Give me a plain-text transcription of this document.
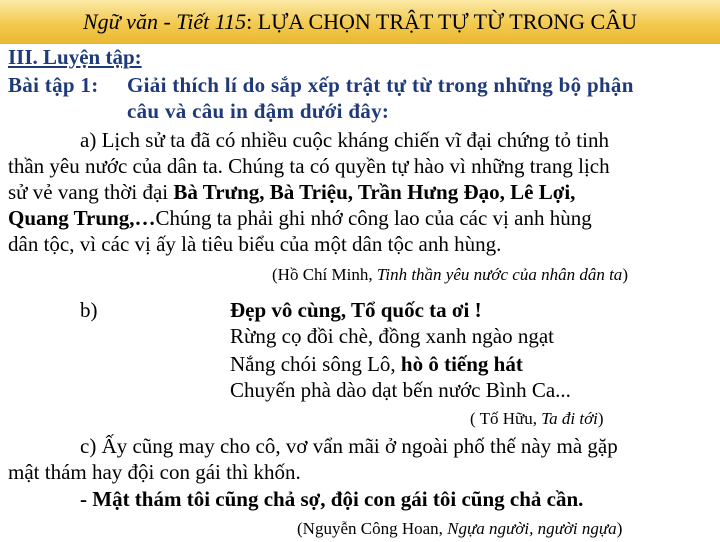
Ngữ văn - Tiết 115: LỰA CHỌN TRẬT TỰ TỪ TRONG CÂU
III. Luyện tập:
Bài tập 1: Giải thích lí do sắp xếp trật tự từ trong những bộ phận
câu và câu in đậm dưới đây:
a) Lịch sử ta đã có nhiều cuộc kháng chiến vĩ đại chứng tỏ tinh
thần yêu nước của dân ta. Chúng ta có quyền tự hào vì những trang lịch
sử vẻ vang thời đại Bà Trưng, Bà Triệu, Trần Hưng Đạo, Lê Lợi,
Quang Trung,…Chúng ta phải ghi nhớ công lao của các vị anh hùng
dân tộc, vì các vị ấy là tiêu biểu của một dân tộc anh hùng.
(Hồ Chí Minh, Tinh thần yêu nước của nhân dân ta)
b)	Đẹp vô cùng, Tổ quốc ta ơi !
Rừng cọ đồi chè, đồng xanh ngào ngạt
Nắng chói sông Lô, hò ô tiếng hát
Chuyến phà dào dạt bến nước Bình Ca...
( Tố Hữu, Ta đi tới)
c) Ấy cũng may cho cô, vơ vẩn mãi ở ngoài phố thế này mà gặp
mật thám hay đội con gái thì khốn.
- Mật thám tôi cũng chả sợ, đội con gái tôi cũng chả cần.
(Nguyễn Công Hoan, Ngựa người, người ngựa)
